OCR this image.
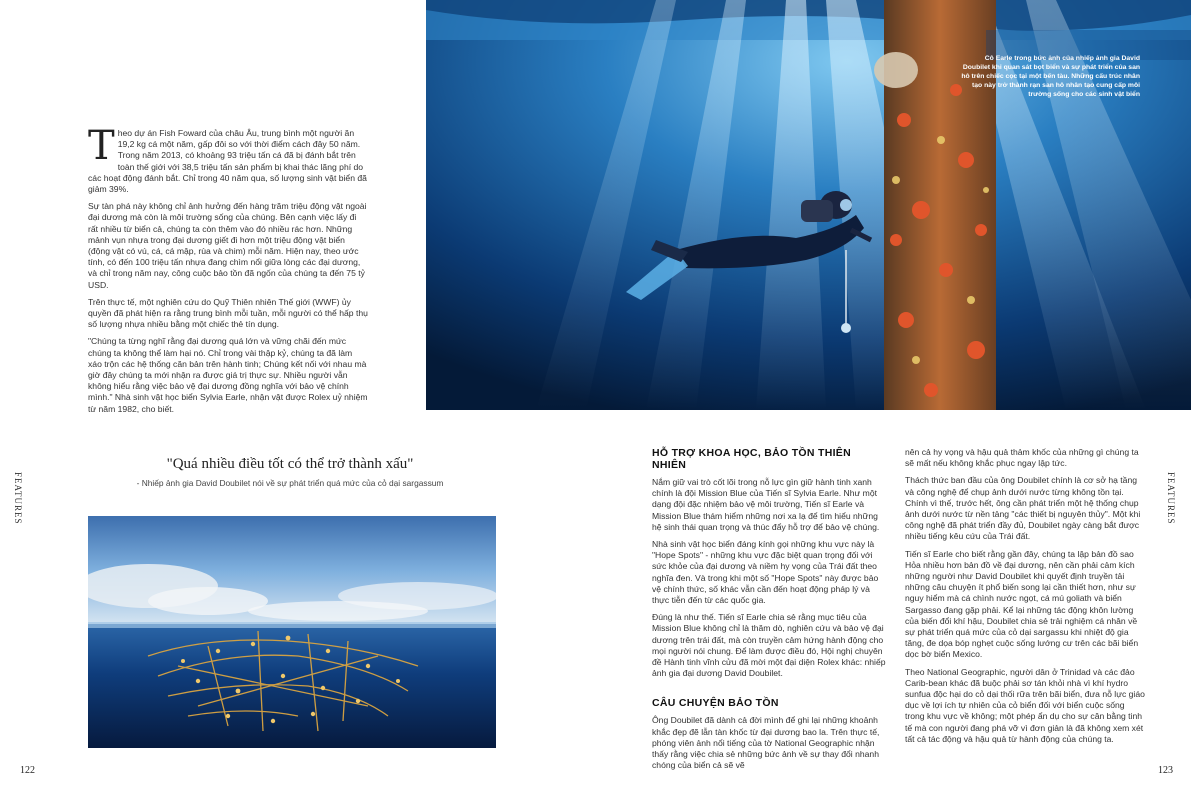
FEATURES

Theo dự án Fish Foward của châu Âu, trung bình một người ăn 19,2 kg cá một năm, gấp đôi so với thời điểm cách đây 50 năm. Trong năm 2013, có khoảng 93 triệu tấn cá đã bị đánh bắt trên toàn thế giới với 38,5 triệu tấn sản phẩm bị khai thác lãng phí do các hoạt động đánh bắt. Chỉ trong 40 năm qua, số lượng sinh vật biển đã giảm 39%.

Sự tàn phá này không chỉ ảnh hưởng đến hàng trăm triệu động vật ngoài đại dương mà còn là môi trường sống của chúng. Bên cạnh việc lấy đi rất nhiều từ biển cả, chúng ta còn thêm vào đó nhiều rác hơn. Những mảnh vụn nhựa trong đại dương giết đi hơn một triệu động vật biển (động vật có vú, cá, cá mập, rùa và chim) mỗi năm. Hiện nay, theo ước tính, có đến 100 triệu tấn nhựa đang chìm nổi giữa lòng các đại dương, và chỉ trong năm nay, công cuộc bảo tồn đã ngốn của chúng ta đến 75 tỷ USD.

Trên thực tế, một nghiên cứu do Quỹ Thiên nhiên Thế giới (WWF) ủy quyền đã phát hiện ra rằng trung bình mỗi tuần, mỗi người có thể hấp thụ số lượng nhựa nhiều bằng một chiếc thẻ tín dụng.

"Chúng ta từng nghĩ rằng đại dương quá lớn và vững chãi đến mức chúng ta không thể làm hại nó. Chỉ trong vài thập kỷ, chúng ta đã làm xáo trộn các hệ thống căn bản trên hành tinh; Chúng kết nối với nhau mà giờ đây chúng ta mới nhận ra được giá trị thực sự. Nhiều người vẫn không hiểu rằng việc bảo vệ đại dương đồng nghĩa với bảo vệ chính mình." Nhà sinh vật học biển Sylvia Earle, nhận vật được Rolex uỷ nhiệm từ năm 1982, cho biết.

"Quá nhiều điều tốt có thể trở thành xấu"
- Nhiếp ảnh gia David Doubilet nói về sự phát triển quá mức của cỏ dại sargassum
122
Cô Earle trong bức ảnh của nhiếp ảnh gia David Doubilet khi quan sát bọt biển và sự phát triển của san hô trên chiếc cọc tại một bến tàu. Những cấu trúc nhân tạo này trở thành rạn san hô nhân tạo cung cấp môi trường sống cho các sinh vật biển
HỖ TRỢ KHOA HỌC, BẢO TỒN THIÊN NHIÊN

Nắm giữ vai trò cốt lõi trong nỗ lực gìn giữ hành tinh xanh chính là đội Mission Blue của Tiến sĩ Sylvia Earle. Như một dạng đội đặc nhiệm bảo vệ môi trường, Tiến sĩ Earle và Mission Blue thám hiểm những nơi xa lạ để tìm hiểu những hệ sinh thái quan trọng và thúc đẩy hỗ trợ để bảo vệ chúng.

Nhà sinh vật học biển đáng kính gọi những khu vực này là "Hope Spots" - những khu vực đặc biệt quan trọng đối với sức khỏe của đại dương và niềm hy vọng của Trái đất theo nghĩa đen. Và trong khi một số "Hope Spots" này được bảo vệ chính thức, số khác vẫn cần đến hoạt động pháp lý và thực tiễn đến từ các quốc gia.

Đúng là như thế. Tiến sĩ Earle chia sẻ rằng mục tiêu của Mission Blue không chỉ là thăm dò, nghiên cứu và bảo vệ đại dương trên trái đất, mà còn truyền cảm hứng hành động cho mọi người nói chung. Để làm được điều đó, Hội nghị chuyên đề Hành tinh vĩnh cửu đã mời một đại diện Rolex khác: nhiếp ảnh gia đại dương David Doubilet.

CÂU CHUYỆN BẢO TỒN

Ông Doubilet đã dành cả đời mình để ghi lại những khoảnh khắc đẹp đẽ lẫn tàn khốc từ đại dương bao la. Trên thực tế, phóng viên ảnh nổi tiếng của tờ National Geographic nhận thấy rằng việc chia sẻ những bức ảnh về sự thay đổi nhanh chóng của biển cả sẽ vẽ

nên cả hy vọng và hậu quả thảm khốc của những gì chúng ta sẽ mất nếu không khắc phục ngay lập tức.

Thách thức ban đầu của ông Doubilet chính là cơ sở hạ tầng và công nghệ để chụp ảnh dưới nước từng không tồn tại. Chính vì thế, trước hết, ông cần phát triển một hệ thống chụp ảnh dưới nước từ nền tảng "các thiết bị nguyên thủy". Một khi công nghệ đã phát triển đầy đủ, Doubilet ngày càng bắt được nhiều tiếng kêu cứu của Trái đất.

Tiến sĩ Earle cho biết rằng gần đây, chúng ta lập bản đồ sao Hỏa nhiều hơn bản đồ về đại dương, nên cần phải cảm kích những người như David Doubilet khi quyết định truyền tải những câu chuyện ít phổ biến song lại cần thiết hơn, như sự nguy hiểm mà cá chình nước ngọt, cá mú goliath và biển Sargasso đang gặp phải. Kể lại những tác động khôn lường của biến đổi khí hậu, Doubilet chia sẻ trải nghiệm cá nhân về sự phát triển quá mức của cỏ dại sargassu khi nhiệt độ gia tăng, đe dọa bóp nghẹt cuộc sống lướng cư trên các bãi biển dọc bờ biển Mexico.

Theo National Geographic, người dân ở Trinidad và các đảo Carib-bean khác đã buộc phải sơ tán khỏi nhà vì khí hydro sunfua độc hại do cỏ dại thối rữa trên bãi biển, đưa nỗ lực giáo dục về lợi ích tự nhiên của cỏ biển đối với biển cuộc sống trong khu vực về không; một phép ẩn dụ cho sự cân bằng tinh tế mà con người đang phá vỡ vì đơn giản là đã không xem xét tất cả tác động và hậu quả từ hành động của chúng ta.

FEATURES
123
